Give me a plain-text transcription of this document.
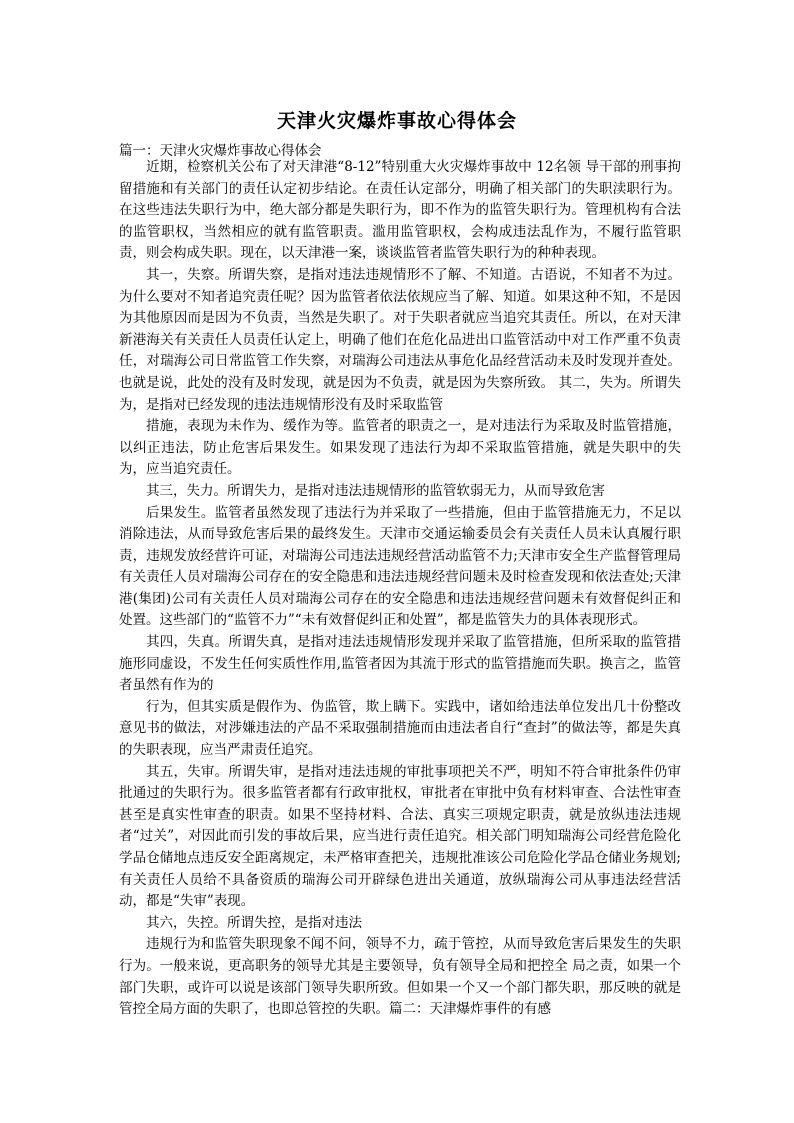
天津火灾爆炸事故心得体会
篇一：天津火灾爆炸事故心得体会

近期，检察机关公布了对天津港“8-12”特别重大火灾爆炸事故中 12名领 导干部的刑事拘留措施和有关部门的责任认定初步结论。在责任认定部分，明确了相关部门的失职渎职行为。在这些违法失职行为中，绝大部分都是失职行为，即不作为的监管失职行为。管理机构有合法的监管职权，当然相应的就有监管职责。滥用监管职权，会构成违法乱作为，不履行监管职责，则会构成失职。现在，以天津港一案，谈谈监管者监管失职行为的种种表现。

其一，失察。所谓失察，是指对违法违规情形不了解、不知道。古语说，不知者不为过。为什么要对不知者追究责任呢？因为监管者依法依规应当了解、知道。如果这种不知，不是因为其他原因而是因为不负责，当然是失职了。对于失职者就应当追究其责任。所以，在对天津新港海关有关责任人员责任认定上，明确了他们在危化品进出口监管活动中对工作严重不负责任，对瑞海公司日常监管工作失察，对瑞海公司违法从事危化品经营活动未及时发现并查处。也就是说，此处的没有及时发现，就是因为不负责，就是因为失察所致。 其二，失为。所谓失为，是指对已经发现的违法违规情形没有及时采取监管

措施，表现为未作为、缓作为等。监管者的职责之一，是对违法行为采取及时监管措施，以纠正违法，防止危害后果发生。如果发现了违法行为却不采取监管措施，就是失职中的失为，应当追究责任。

其三，失力。所谓失力，是指对违法违规情形的监管软弱无力，从而导致危害

后果发生。监管者虽然发现了违法行为并采取了一些措施，但由于监管措施无力，不足以消除违法，从而导致危害后果的最终发生。天津市交通运输委员会有关责任人员未认真履行职责，违规发放经营许可证，对瑞海公司违法违规经营活动监管不力;天津市安全生产监督管理局有关责任人员对瑞海公司存在的安全隐患和违法违规经营问题未及时检查发现和依法查处;天津港(集团)公司有关责任人员对瑞海公司存在的安全隐患和违法违规经营问题未有效督促纠正和处置。这些部门的“监管不力”“未有效督促纠正和处置”，都是监管失力的具体表现形式。

其四，失真。所谓失真，是指对违法违规情形发现并采取了监管措施，但所采取的监管措施形同虚设，不发生任何实质性作用,监管者因为其流于形式的监管措施而失职。换言之，监管者虽然有作为的

行为，但其实质是假作为、伪监管，欺上瞒下。实践中，诸如给违法单位发出几十份整改意见书的做法，对涉嫌违法的产品不采取强制措施而由违法者自行“查封”的做法等，都是失真的失职表现，应当严肃责任追究。

其五，失审。所谓失审，是指对违法违规的审批事项把关不严，明知不符合审批条件仍审批通过的失职行为。很多监管者都有行政审批权，审批者在审批中负有材料审查、合法性审查甚至是真实性审查的职责。如果不坚持材料、合法、真实三项规定职责，就是放纵违法违规者“过关”，对因此而引发的事故后果，应当进行责任追究。相关部门明知瑞海公司经营危险化学品仓储地点违反安全距离规定，未严格审查把关，违规批准该公司危险化学品仓储业务规划;有关责任人员给不具备资质的瑞海公司开辟绿色进出关通道，放纵瑞海公司从事违法经营活动，都是“失审”表现。

其六，失控。所谓失控，是指对违法

违规行为和监管失职现象不闻不问，领导不力，疏于管控，从而导致危害后果发生的失职行为。一般来说，更高职务的领导尤其是主要领导，负有领导全局和把控全 局之责，如果一个部门失职，或许可以说是该部门领导失职所致。但如果一个又一个部门都失职，那反映的就是管控全局方面的失职了，也即总管控的失职。篇二：天津爆炸事件的有感
